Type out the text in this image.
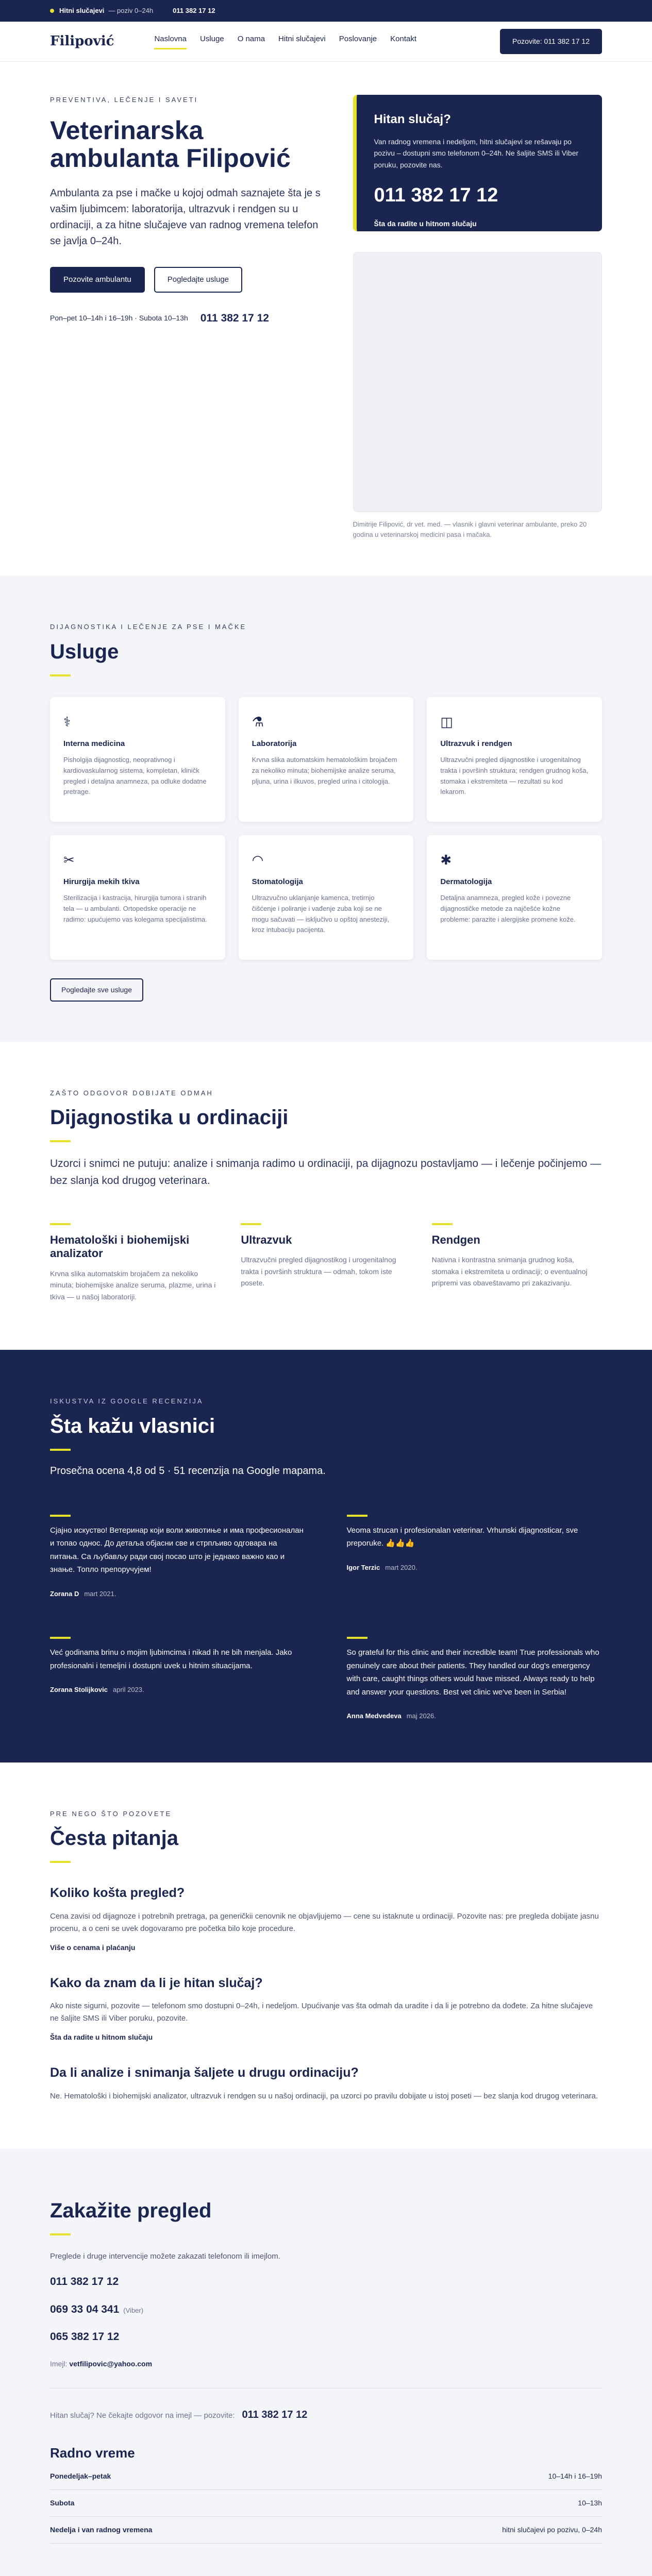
Hitni slučajevi — poziv 0–24h	011 382 17 12
Filipović	Naslovna Usluge O nama Hitni slučajevi Poslovanje Kontakt	Pozovite: 011 382 17 12
PREVENTIVA, LEČENJE I SAVETI
Veterinarska ambulanta Filipović

Ambulanta za pse i mačke u kojoj odmah saznajete šta je s vašim ljubimcem: laboratorija, ultrazvuk i rendgen su u ordinaciji, a za hitne slučajeve van radnog vremena telefon se javlja 0–24h.

Pozovite ambulantu	Pogledajte usluge
Pon–pet 10–14h i 16–19h · Subota 10–13h 011 382 17 12
Hitan slučaj?

Van radnog vremena i nedeljom, hitni slučajevi se rešavaju po pozivu – dostupni smo telefonom 0–24h. Ne šaljite SMS ili Viber poruku, pozovite nas.

011 382 17 12
Šta da radite u hitnom slučaju
Dimitrije Filipović, dr vet. med. — vlasnik i glavni veterinar ambulante, preko 20 godina u veterinarskoj medicini pasa i mačaka.
DIJAGNOSTIKA I LEČENJE ZA PSE I MAČKE
Usluge
⚕
Interna medicina

Pisholgija dijagnosticg, neoprativnog i kardiovaskularnog sistema, kompletan, kliničk pregled i detaljna anamneza, pa odluke dodatne pretrage.

⚗
Laboratorija

Krvna slika automatskim hematološkim brojačem za nekoliko minuta; biohemijske analize seruma, pljuna, urina i ilkuvos, pregled urina i citologija.

◫
Ultrazvuk i rendgen

Ultrazvučni pregled dijagnostike i urogenitalnog trakta i površinh struktura; rendgen grudnog koša, stomaka i ekstremiteta — rezultati su kod lekarom.

✂
Hirurgija mekih tkiva

Sterilizacija i kastracija, hirurgija tumora i stranih tela — u ambulanti. Ortopedske operacije ne radimo: upućujemo vas kolegama specijalistima.

◠
Stomatologija

Ultrazvučno uklanjanje kamenca, tretirnjo čišćenje i poliranje i vađenje zuba koji se ne mogu sačuvati — isključivo u opštoj anesteziji, kroz intubaciju pacijenta.

✱
Dermatologija

Detaljna anamneza, pregled kože i povezne dijagnostičke metode za najčešće kožne probleme: parazite i alergijske promene kože.

Pogledajte sve usluge
ZAŠTO ODGOVOR DOBIJATE ODMAH
Dijagnostika u ordinaciji

Uzorci i snimci ne putuju: analize i snimanja radimo u ordinaciji, pa dijagnozu postavljamo — i lečenje počinjemo — bez slanja kod drugog veterinara.

Hematološki i biohemijski analizator

Krvna slika automatskim brojačem za nekoliko minuta; biohemijske analize seruma, plazme, urina i tkiva — u našoj laboratoriji.

Ultrazvuk

Ultrazvučni pregled dijagnostikog i urogenitalnog trakta i površinh struktura — odmah, tokom iste posete.

Rendgen

Nativna i kontrastna snimanja grudnog koša, stomaka i ekstremiteta u ordinaciji; o eventualnoj pripremi vas obaveštavamo pri zakazivanju.

ISKUSTVA IZ GOOGLE RECENZIJA
Šta kažu vlasnici
Prosečna ocena 4,8 od 5 · 51 recenzija na Google mapama.

Сјајно искуство! Ветеринар који воли животиње и има професионалан и топао однос. До детаља објасни све и стрпљиво одговара на питања. Са љубављу ради свој посао што је једнако важно као и знање. Топло препоручујем!

Zorana D mart 2021.

Veoma strucan i profesionalan veterinar. Vrhunski dijagnosticar, sve preporuke. 👍👍👍

Igor Terzic mart 2020.

Već godinama brinu o mojim ljubimcima i nikad ih ne bih menjala. Jako profesionalni i temeljni i dostupni uvek u hitnim situacijama.

Zorana Stolijkovic april 2023.

So grateful for this clinic and their incredible team! True professionals who genuinely care about their patients. They handled our dog's emergency with care, caught things others would have missed. Always ready to help and answer your questions. Best vet clinic we've been in Serbia!

Anna Medvedeva maj 2026.
PRE NEGO ŠTO POZOVETE
Česta pitanja
Koliko košta pregled?

Cena zavisi od dijagnoze i potrebnih pretraga, pa generičkii cenovnik ne objavljujemo — cene su istaknute u ordinaciji. Pozovite nas: pre pregleda dobijate jasnu procenu, a o ceni se uvek dogovaramo pre početka bilo koje procedure.

Više o cenama i plaćanju
Kako da znam da li je hitan slučaj?

Ako niste sigurni, pozovite — telefonom smo dostupni 0–24h, i nedeljom. Upućivanje vas šta odmah da uradite i da li je potrebno da dođete. Za hitne slučajeve ne šaljite SMS ili Viber poruku, pozovite.

Šta da radite u hitnom slučaju
Da li analize i snimanja šaljete u drugu ordinaciju?

Ne. Hematološki i biohemijski analizator, ultrazvuk i rendgen su u našoj ordinaciji, pa uzorci po pravilu dobijate u istoj poseti — bez slanja kod drugog veterinara.

Zakažite pregled

Preglede i druge intervencije možete zakazati telefonom ili imejlom.

011 382 17 12
069 33 04 341 (Viber)
065 382 17 12
Imejl: vetfilipovic@yahoo.com
Hitan slučaj? Ne čekajte odgovor na imejl — pozovite: 011 382 17 12
Radno vreme
Ponedeljak–petak	10–14h i 16–19h
Subota	10–13h
Nedelja i van radnog vremena	hitni slučajevi po pozivu, 0–24h
